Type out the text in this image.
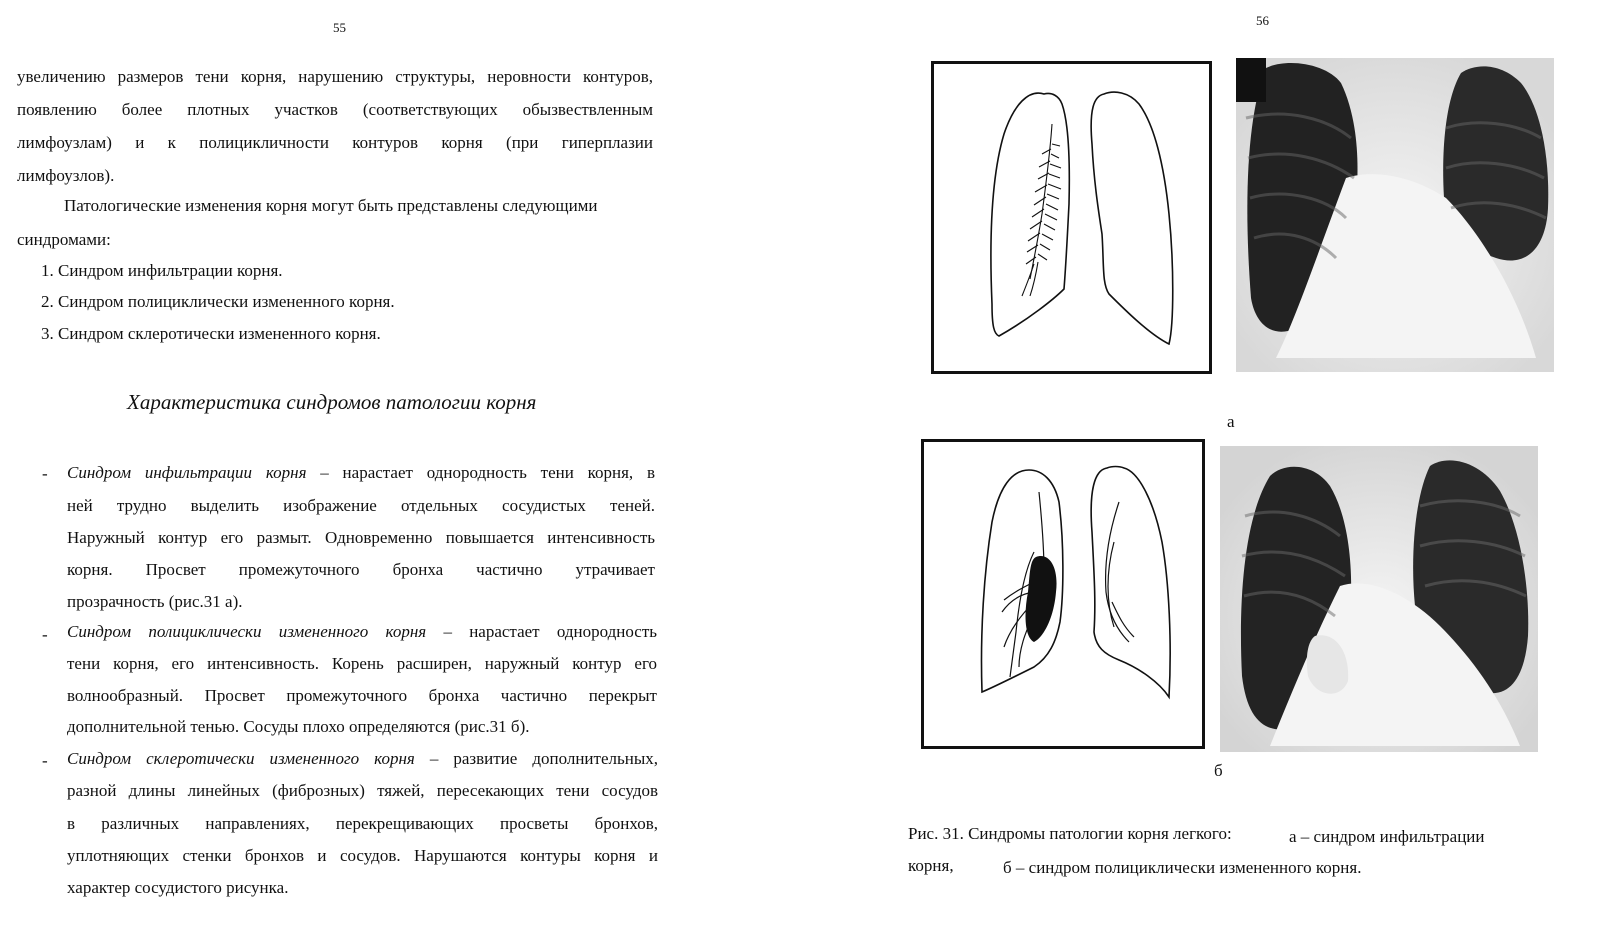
55
увеличению размеров тени корня, нарушению структуры, неровности контуров,
появлению более плотных участков (соответствующих обызвествленным
лимфоузлам) и к полицикличности контуров корня (при гиперплазии
лимфоузлов).
Патологические изменения корня могут быть представлены следующими
синдромами:
1. Синдром инфильтрации корня.
2. Синдром полициклически измененного корня.
3. Синдром склеротически измененного корня.
Характеристика синдромов патологии корня
- Синдром инфильтрации корня – нарастает однородность тени корня, в
ней трудно выделить изображение отдельных сосудистых теней.
Наружный контур его размыт. Одновременно повышается интенсивность
корня. Просвет промежуточного бронха частично утрачивает
прозрачность (рис.31 а).
- Синдром полициклически измененного корня – нарастает однородность
тени корня, его интенсивность. Корень расширен, наружный контур его
волнообразный. Просвет промежуточного бронха частично перекрыт
дополнительной тенью. Сосуды плохо определяются (рис.31 б).
- Синдром склеротически измененного корня – развитие дополнительных,
разной длины линейных (фиброзных) тяжей, пересекающих тени сосудов
в различных направлениях, перекрещивающих просветы бронхов,
уплотняющих стенки бронхов и сосудов. Нарушаются контуры корня и
характер сосудистого рисунка.
56
а
б
Рис. 31. Синдромы патологии корня легкого:	а – синдром инфильтрации
корня,	б – синдром полициклически измененного корня.
